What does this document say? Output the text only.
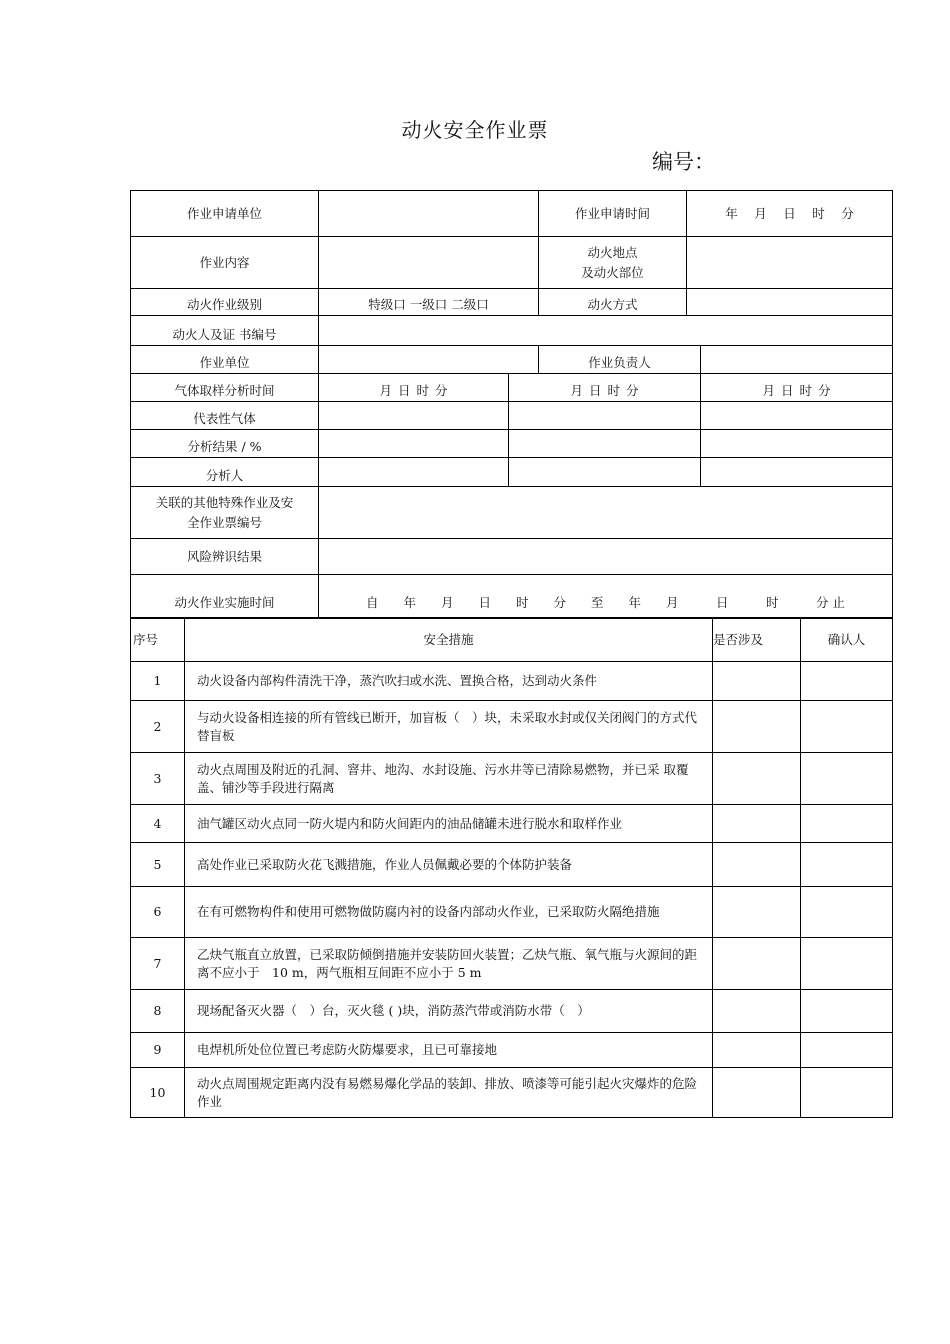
动火安全作业票
编号：
作业申请单位			作业申请时间	年　 月　 日　 时　 分	
作业内容			动火地点
及动火部位		

动火作业级别	特级口 一级口 二级口		动火方式		
动火人及证 书编号					
作业单位			作业负责人		
气体取样分析时间	月 日 时 分	月 日 时 分			月 日 时 分
代表性气体					
分析结果 / %					
分析人					

关联的其他特殊作业及安
全作业票编号					

风险辨识结果					
动火作业实施时间	自　　年　　月　　日　　时　　分　　至　　年　　月　　　日　　　时　　　分 止				
序号	安全措施	是否涉及	确认人
1	动火设备内部构件清洗干净，蒸汽吹扫或水洗、置换合格，达到动火条件		
2	与动火设备相连接的所有管线已断开，加盲板（　）块，未采取水封或仅关闭阀门的方式代替盲板		
3	动火点周围及附近的孔洞、窨井、地沟、水封设施、污水井等已清除易燃物，并已采 取覆盖、铺沙等手段进行隔离		
4	油气罐区动火点同一防火堤内和防火间距内的油品储罐未进行脱水和取样作业		
5	高处作业已采取防火花飞溅措施，作业人员佩戴必要的个体防护装备		
6	在有可燃物构件和使用可燃物做防腐内衬的设备内部动火作业，已采取防火隔绝措施		
7	乙炔气瓶直立放置，已采取防倾倒措施并安装防回火装置；乙炔气瓶、氧气瓶与火源间的距离不应小于　10 m，两气瓶相互间距不应小于 5 m		
8	现场配备灭火器（　）台，灭火毯 ( )块，消防蒸汽带或消防水带（　）		
9	电焊机所处位位置已考虑防火防爆要求，且已可靠接地		
10	动火点周围规定距离内没有易燃易爆化学品的装卸、排放、喷漆等可能引起火灾爆炸的危险作业		
